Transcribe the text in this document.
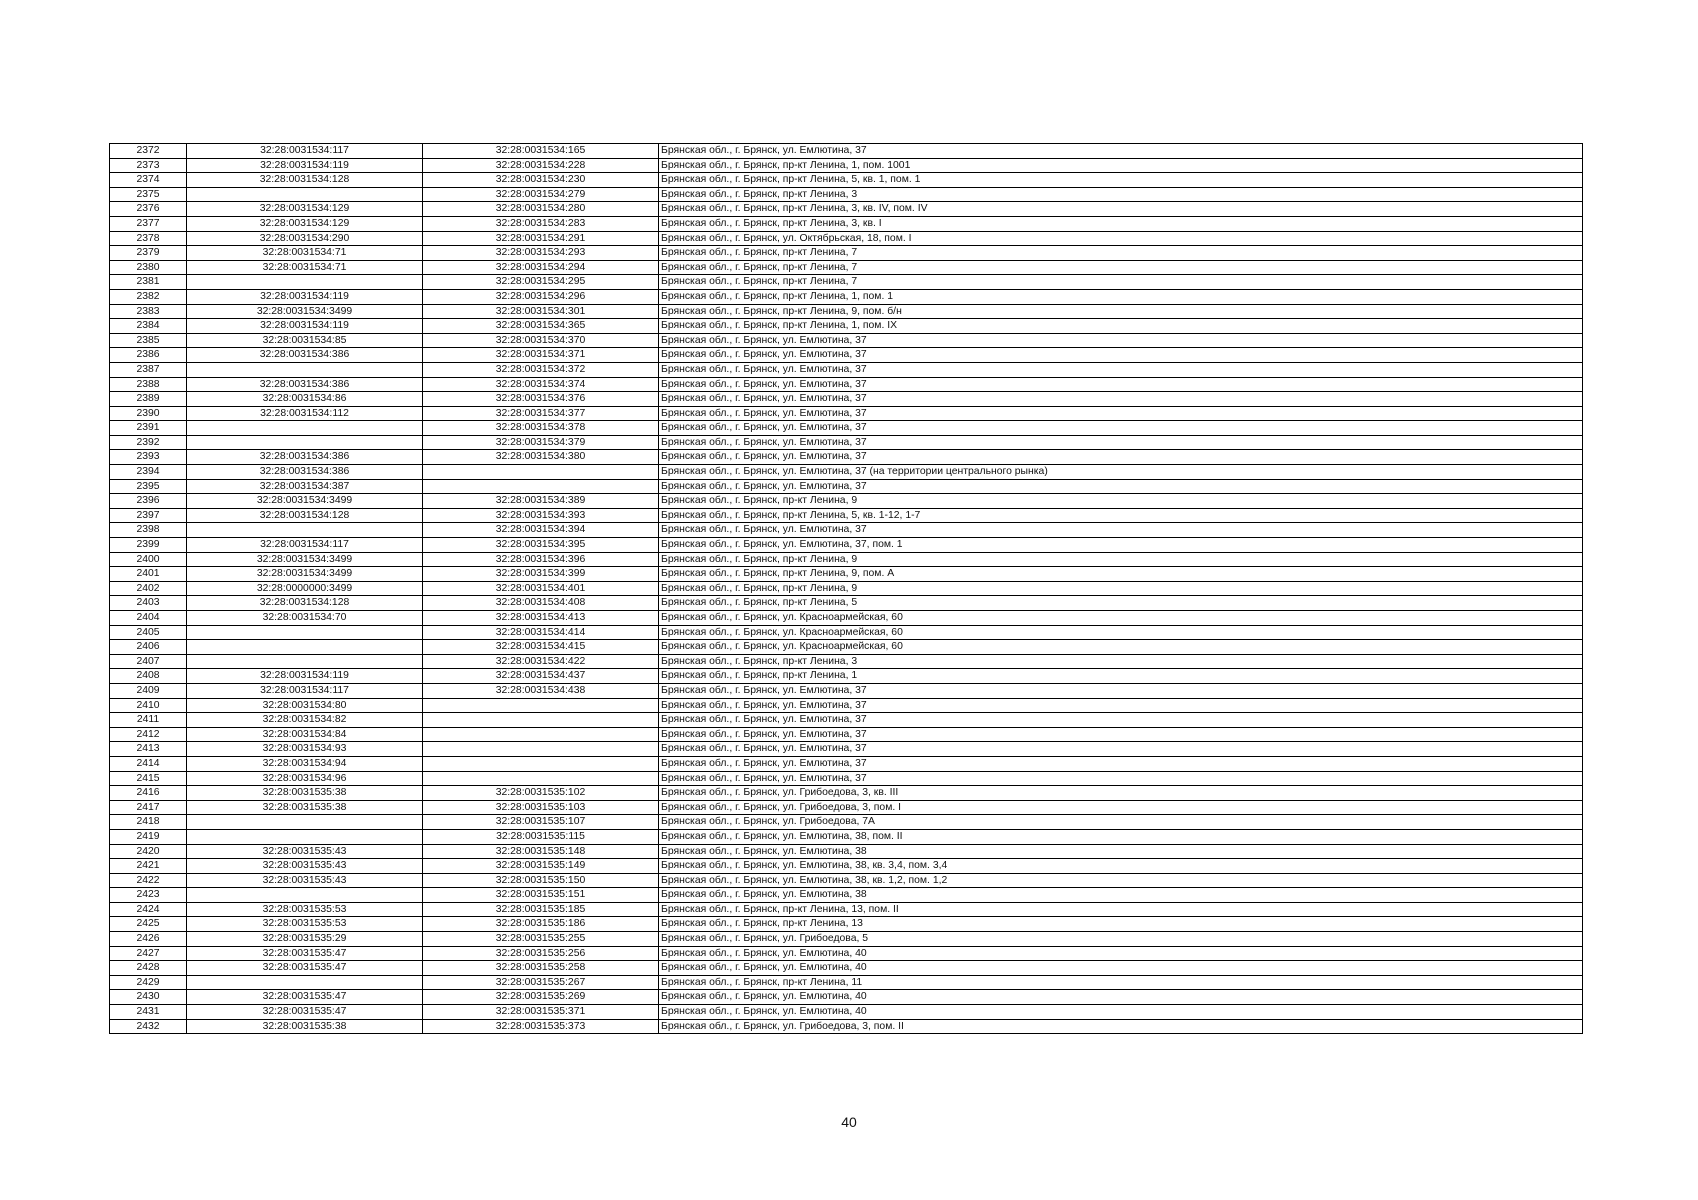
2372	32:28:0031534:117	32:28:0031534:165	Брянская обл., г. Брянск, ул. Емлютина, 37
2373	32:28:0031534:119	32:28:0031534:228	Брянская обл., г. Брянск, пр-кт Ленина, 1, пом. 1001
2374	32:28:0031534:128	32:28:0031534:230	Брянская обл., г. Брянск, пр-кт Ленина, 5, кв. 1, пом. 1
2375		32:28:0031534:279	Брянская обл., г. Брянск, пр-кт Ленина, 3
2376	32:28:0031534:129	32:28:0031534:280	Брянская обл., г. Брянск, пр-кт Ленина, 3, кв. IV, пом. IV
2377	32:28:0031534:129	32:28:0031534:283	Брянская обл., г. Брянск, пр-кт Ленина, 3, кв. I
2378	32:28:0031534:290	32:28:0031534:291	Брянская обл., г. Брянск, ул. Октябрьская, 18, пом. I
2379	32:28:0031534:71	32:28:0031534:293	Брянская обл., г. Брянск, пр-кт Ленина, 7
2380	32:28:0031534:71	32:28:0031534:294	Брянская обл., г. Брянск, пр-кт Ленина, 7
2381		32:28:0031534:295	Брянская обл., г. Брянск, пр-кт Ленина, 7
2382	32:28:0031534:119	32:28:0031534:296	Брянская обл., г. Брянск, пр-кт Ленина, 1, пом. 1
2383	32:28:0031534:3499	32:28:0031534:301	Брянская обл., г. Брянск, пр-кт Ленина, 9, пом. б/н
2384	32:28:0031534:119	32:28:0031534:365	Брянская обл., г. Брянск, пр-кт Ленина, 1, пом. IX
2385	32:28:0031534:85	32:28:0031534:370	Брянская обл., г. Брянск, ул. Емлютина, 37
2386	32:28:0031534:386	32:28:0031534:371	Брянская обл., г. Брянск, ул. Емлютина, 37
2387		32:28:0031534:372	Брянская обл., г. Брянск, ул. Емлютина, 37
2388	32:28:0031534:386	32:28:0031534:374	Брянская обл., г. Брянск, ул. Емлютина, 37
2389	32:28:0031534:86	32:28:0031534:376	Брянская обл., г. Брянск, ул. Емлютина, 37
2390	32:28:0031534:112	32:28:0031534:377	Брянская обл., г. Брянск, ул. Емлютина, 37
2391		32:28:0031534:378	Брянская обл., г. Брянск, ул. Емлютина, 37
2392		32:28:0031534:379	Брянская обл., г. Брянск, ул. Емлютина, 37
2393	32:28:0031534:386	32:28:0031534:380	Брянская обл., г. Брянск, ул. Емлютина, 37
2394	32:28:0031534:386		Брянская обл., г. Брянск, ул. Емлютина, 37 (на территории центрального рынка)
2395	32:28:0031534:387		Брянская обл., г. Брянск, ул. Емлютина, 37
2396	32:28:0031534:3499	32:28:0031534:389	Брянская обл., г. Брянск, пр-кт Ленина, 9
2397	32:28:0031534:128	32:28:0031534:393	Брянская обл., г. Брянск, пр-кт Ленина, 5, кв. 1-12, 1-7
2398		32:28:0031534:394	Брянская обл., г. Брянск, ул. Емлютина, 37
2399	32:28:0031534:117	32:28:0031534:395	Брянская обл., г. Брянск, ул. Емлютина, 37, пом. 1
2400	32:28:0031534:3499	32:28:0031534:396	Брянская обл., г. Брянск, пр-кт Ленина, 9
2401	32:28:0031534:3499	32:28:0031534:399	Брянская обл., г. Брянск, пр-кт Ленина, 9, пом. А
2402	32:28:0000000:3499	32:28:0031534:401	Брянская обл., г. Брянск, пр-кт Ленина, 9
2403	32:28:0031534:128	32:28:0031534:408	Брянская обл., г. Брянск, пр-кт Ленина, 5
2404	32:28:0031534:70	32:28:0031534:413	Брянская обл., г. Брянск, ул. Красноармейская, 60
2405		32:28:0031534:414	Брянская обл., г. Брянск, ул. Красноармейская, 60
2406		32:28:0031534:415	Брянская обл., г. Брянск, ул. Красноармейская, 60
2407		32:28:0031534:422	Брянская обл., г. Брянск, пр-кт Ленина, 3
2408	32:28:0031534:119	32:28:0031534:437	Брянская обл., г. Брянск, пр-кт Ленина, 1
2409	32:28:0031534:117	32:28:0031534:438	Брянская обл., г. Брянск, ул. Емлютина, 37
2410	32:28:0031534:80		Брянская обл., г. Брянск, ул. Емлютина, 37
2411	32:28:0031534:82		Брянская обл., г. Брянск, ул. Емлютина, 37
2412	32:28:0031534:84		Брянская обл., г. Брянск, ул. Емлютина, 37
2413	32:28:0031534:93		Брянская обл., г. Брянск, ул. Емлютина, 37
2414	32:28:0031534:94		Брянская обл., г. Брянск, ул. Емлютина, 37
2415	32:28:0031534:96		Брянская обл., г. Брянск, ул. Емлютина, 37
2416	32:28:0031535:38	32:28:0031535:102	Брянская обл., г. Брянск, ул. Грибоедова, 3, кв. III
2417	32:28:0031535:38	32:28:0031535:103	Брянская обл., г. Брянск, ул. Грибоедова, 3, пом. I
2418		32:28:0031535:107	Брянская обл., г. Брянск, ул. Грибоедова, 7А
2419		32:28:0031535:115	Брянская обл., г. Брянск, ул. Емлютина, 38, пом. II
2420	32:28:0031535:43	32:28:0031535:148	Брянская обл., г. Брянск, ул. Емлютина, 38
2421	32:28:0031535:43	32:28:0031535:149	Брянская обл., г. Брянск, ул. Емлютина, 38, кв. 3,4, пом. 3,4
2422	32:28:0031535:43	32:28:0031535:150	Брянская обл., г. Брянск, ул. Емлютина, 38, кв. 1,2, пом. 1,2
2423		32:28:0031535:151	Брянская обл., г. Брянск, ул. Емлютина, 38
2424	32:28:0031535:53	32:28:0031535:185	Брянская обл., г. Брянск, пр-кт Ленина, 13, пом. II
2425	32:28:0031535:53	32:28:0031535:186	Брянская обл., г. Брянск, пр-кт Ленина, 13
2426	32:28:0031535:29	32:28:0031535:255	Брянская обл., г. Брянск, ул. Грибоедова, 5
2427	32:28:0031535:47	32:28:0031535:256	Брянская обл., г. Брянск, ул. Емлютина, 40
2428	32:28:0031535:47	32:28:0031535:258	Брянская обл., г. Брянск, ул. Емлютина, 40
2429		32:28:0031535:267	Брянская обл., г. Брянск, пр-кт Ленина, 11
2430	32:28:0031535:47	32:28:0031535:269	Брянская обл., г. Брянск, ул. Емлютина, 40
2431	32:28:0031535:47	32:28:0031535:371	Брянская обл., г. Брянск, ул. Емлютина, 40
2432	32:28:0031535:38	32:28:0031535:373	Брянская обл., г. Брянск, ул. Грибоедова, 3, пом. II
40
